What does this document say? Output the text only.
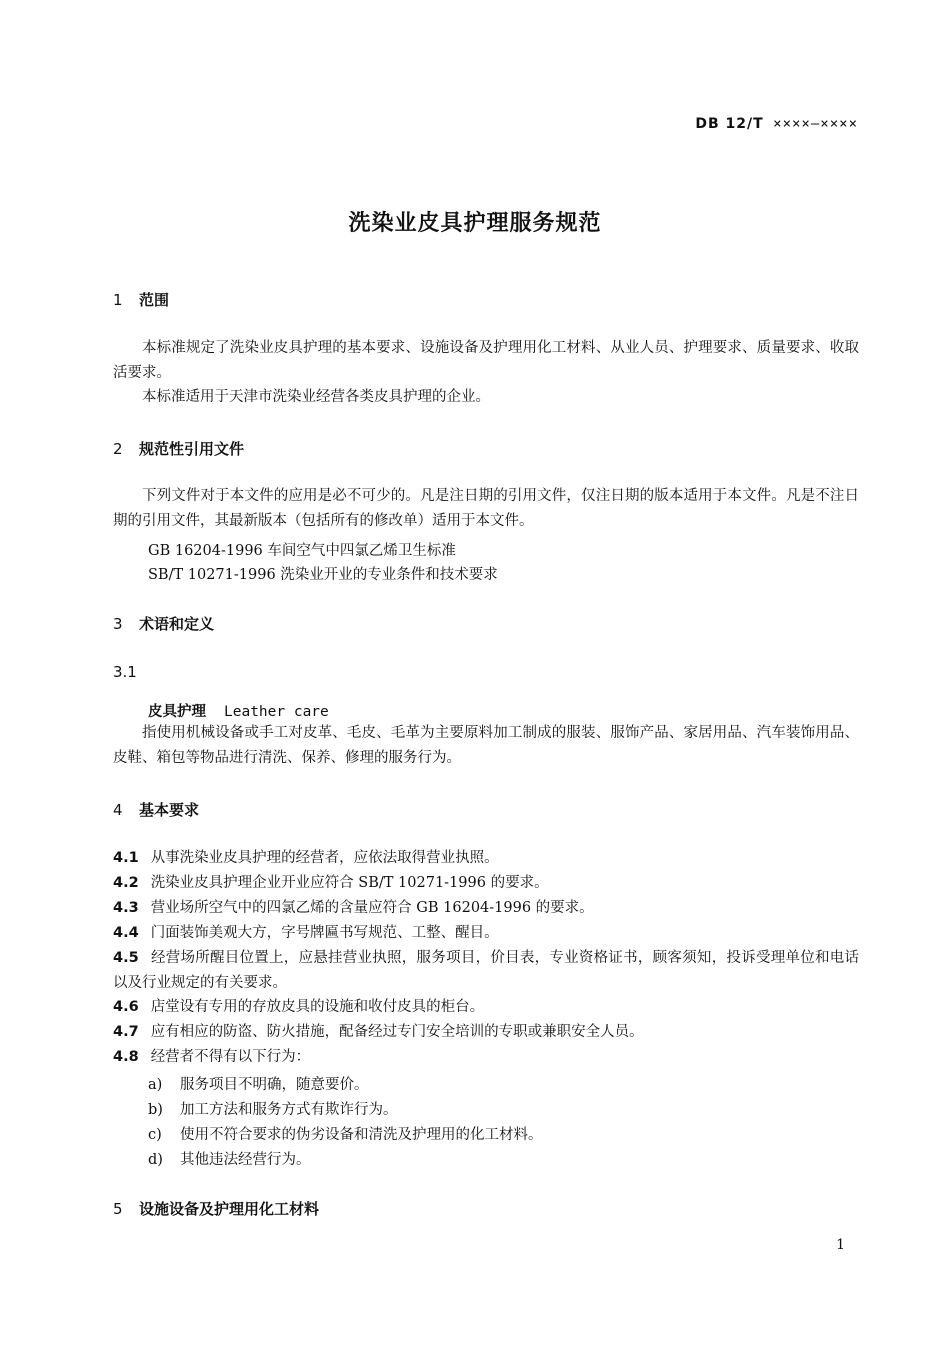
DB 12/T ××××—××××
洗染业皮具护理服务规范
1 范围
本标准规定了洗染业皮具护理的基本要求、设施设备及护理用化工材料、从业人员、护理要求、质量要求、收取活要求。
本标准适用于天津市洗染业经营各类皮具护理的企业。
2 规范性引用文件
下列文件对于本文件的应用是必不可少的。凡是注日期的引用文件，仅注日期的版本适用于本文件。凡是不注日期的引用文件，其最新版本（包括所有的修改单）适用于本文件。
GB 16204-1996 车间空气中四氯乙烯卫生标准
SB/T 10271-1996 洗染业开业的专业条件和技术要求
3 术语和定义
3.1
皮具护理 Leather care
指使用机械设备或手工对皮革、毛皮、毛革为主要原料加工制成的服装、服饰产品、家居用品、汽车装饰用品、皮鞋、箱包等物品进行清洗、保养、修理的服务行为。
4 基本要求
4.1 从事洗染业皮具护理的经营者，应依法取得营业执照。
4.2 洗染业皮具护理企业开业应符合 SB/T 10271-1996 的要求。
4.3 营业场所空气中的四氯乙烯的含量应符合 GB 16204-1996 的要求。
4.4 门面装饰美观大方，字号牌匾书写规范、工整、醒目。
4.5 经营场所醒目位置上，应悬挂营业执照，服务项目，价目表，专业资格证书，顾客须知，投诉受理单位和电话以及行业规定的有关要求。
4.6 店堂设有专用的存放皮具的设施和收付皮具的柜台。
4.7 应有相应的防盗、防火措施，配备经过专门安全培训的专职或兼职安全人员。
4.8 经营者不得有以下行为：
a) 服务项目不明确，随意要价。
b) 加工方法和服务方式有欺诈行为。
c) 使用不符合要求的伪劣设备和清洗及护理用的化工材料。
d) 其他违法经营行为。
5 设施设备及护理用化工材料
1
